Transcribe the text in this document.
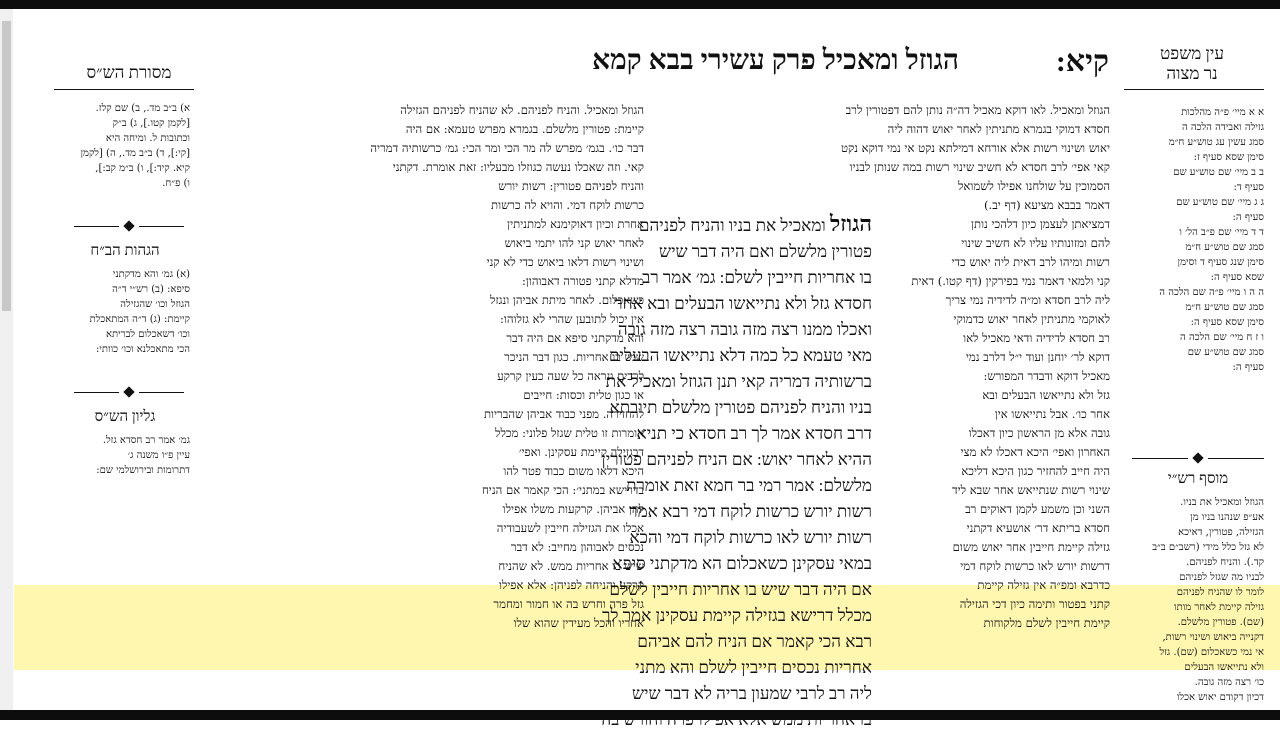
הגוזל ומאכיל פרק עשירי בבא קמא	קיא:	עין משפט
נר מצוה
א א מיי׳ פ״ה מהלכות
גזילה ואבידה הלכה ה
סמג עשין עג טוש״ע ח״מ
סימן שסא סעיף ז:
ב ב מיי׳ שם טוש״ע שם
סעיף ד:
ג ג מיי׳ שם טוש״ע שם
סעיף ה:
ד ד מיי׳ שם פ״ב הל׳ ו
סמג שם טוש״ע ח״מ
סימן שנג סעיף ד וסימן
שסא סעיף ה:
ה ה ו מיי׳ פ״ה שם הלכה ה
סמג שם טוש״ע ח״מ
סימן שסא סעיף ה:
ו ז ח מיי׳ שם הלכה ה
סמג שם טוש״ע שם
סעיף ה:
מוסף רש״י
הגוזל ומאכיל את בניו.
אע״פ שנהנו בניו מן
הגזילה, פטורין, דאיכא
לא גזל כלל מידי (רשב״ם ב״ב
קד.). והניח לפניהם.
לבניו מה שגזל לפניהם
לומר לו שהניח לפניהם
גזילה קיימת לאחר מותו
(שם). פטורין מלשלם.
דקנייה ביאוש ושינוי רשות,
אי נמי כשאכלום (שם). גזל
ולא נתייאשו הבעלים
כו׳ רצה מזה גובה.
דכיון דקודם יאוש אכלו
מסורת הש״ס
א) ב״ב מד., ב) שם קלז.
[לקמן קטו.], ג) ב״ק
וכתובות ל. ומיחה היא
[קי:], ד) ב״ב מד., ה) [לקמן
קיא. קיד:], ו) ב״מ קב:],
ו) פ״ח.
הגהות הב״ח
(א) גמ׳ והא מדקתני
סיפא: (ב) רש״י ד״ה
הגוזל וכו׳ שהגזילה
קיימת: (ג) ד״ה המתאכלת
וכו׳ דשאכלום לבריתא
הכי מתאכלנא וכו׳ כוותי:
גליון הש״ס
גמ׳ אמר רב חסדא גזל.
עיין פ״ו משנה ג׳
דתרומות ובירושלמי שם:
הגוזל ומאכיל. לאו דוקא מאכיל דה״ה נותן להם דפטורין לרב
חסדא דמוקי בגמרא מתניתין לאחר יאוש דהוה ליה
יאוש ושינוי רשות אלא אורחא דמילתא נקט אי נמי דוקא נקט
קאי אפי׳ לרב חסדא לא חשיב שינוי רשות במה שנותן לבניו
הסמוכין על שולחנו אפילו לשמואל
דאמר בבבא מציעא (דף יב.)
דמציאתן לעצמן כיון דלהכי נותן
להם ומזונותיו עליו לא חשיב שינוי
רשות ומיהו לרב דאית ליה יאוש כדי
קני ולמאי דאמר נמי בפירקין (דף קטו.) דאית
ליה לרב חסדא ומ״ה לדידיה נמי צריך
לאוקמי מתניתין לאחר יאוש כדמוקי
רב חסדא לדידיה ודאי מאכיל לאו
דוקא לר׳ יוחנן ועוד י״ל דלרב נמי
מאכיל דוקא ודבדר המפורש:
גזל ולא נתייאשו הבעלים ובא
אחר כו׳. אבל נתייאשו אין
גובה אלא מן הראשון כיון דאכלו
האחרון ואפי׳ היכא דאכלו לא מצי
היה חייב להחזיר כגון היכא דליכא
שינוי רשות שנתייאש אחר שבא ליד
השני וכן משמע לקמן דאוקים רב
חסדא בריתא דר׳ אושעיא דקתני
גזילה קיימת חייבין אחר יאוש משום
דרשות יורש לאו כרשות לוקח דמי
כדרבא ומפ״ה אין גזילה קיימת
קתני בפטור ותימה כיון דכי הגזילה
קיימת חייבין לשלם מלקוחות
הגוזל ומאכיל. והניח לפניהם. לא שהניח לפניהם הגזילה
קיימת: פטורין מלשלם. בגמרא מפרש טעמא: אם היה
דבר כו׳. בגמ׳ מפרש לה מר הכי ומר הכי: גמ׳ כרשותיה דמריה
קאי. וזה שאכלו נעשה כגוזלו מבעליו: זאת אומרת. דקתני
והניח לפניהם פטורין: רשות יורש
כרשות לוקח דמי. והויא לה כרשות
אחרת וכיון דאוקימנא למתניתין
לאחר יאוש קני להו יתמי ביאוש
ושינוי רשות דלאו ביאוש כדי לא קני
מדלא קתני פטורה דאבוהון:
כשאכלום. לאחר מיתת אביהן ונגזל
אין יכול לתובען שהרי לא גזלוהו:
והא מדקתני סיפא אם היה דבר
שיש בו אחריות. כגון דבר הניכר
לרבים ונראה כל שעה כעין קרקע
או כגון טלית וכסות: חייבים
להחזירה. מפני כבוד אביהן שהבריות
אומרות זו טלית שגזל פלוני: מכלל
דבגזילה קיימת עסקינן. ואפי׳
היכא דלאו משום כבוד פטר להו
בדרישא במתני׳: הכי קאמר אם הניח
להן אביהן. קרקעות משלו אפילו
אכלו את הגזילה חייבין לשעבודיה
נכסים לאבוהון מחייב: לא דבר
שיש בו אחריות ממש. לא שהניח
קרקע והניחה לפניהן: אלא אפילו
גזל פרה וחרש בה או חמור ומחמר
אחריו והכל מעידין שהוא שלו
הגוזל ומאכיל את בניו והניח לפניהם
פטורין מלשלם ואם היה דבר שיש
בו אחריות חייבין לשלם: גמ׳ אמר רב
חסדא גזל ולא נתייאשו הבעלים ובא אחר
ואכלו ממנו רצה מזה גובה רצה מזה גובה
מאי טעמא כל כמה דלא נתייאשו הבעלים
ברשותיה דמריה קאי תנן הגוזל ומאכיל את
בניו והניח לפניהם פטורין מלשלם תיובתא
דרב חסדא אמר לך רב חסדא כי תניא
ההיא לאחר יאוש: אם הניח לפניהם פטורין
מלשלם: אמר רמי בר חמא זאת אומרת
רשות יורש כרשות לוקח דמי רבא אמר
רשות יורש לאו כרשות לוקח דמי והכא
במאי עסקינן כשאכלום הא מדקתני סיפא
אם היה דבר שיש בו אחריות חייבין לשלם
מכלל דרישא בגזילה קיימת עסקינן אמר לך
רבא הכי קאמר אם הניח להם אביהם
אחריות נכסים חייבין לשלם והא מתני
ליה רב לרבי שמעון בריה לא דבר שיש
